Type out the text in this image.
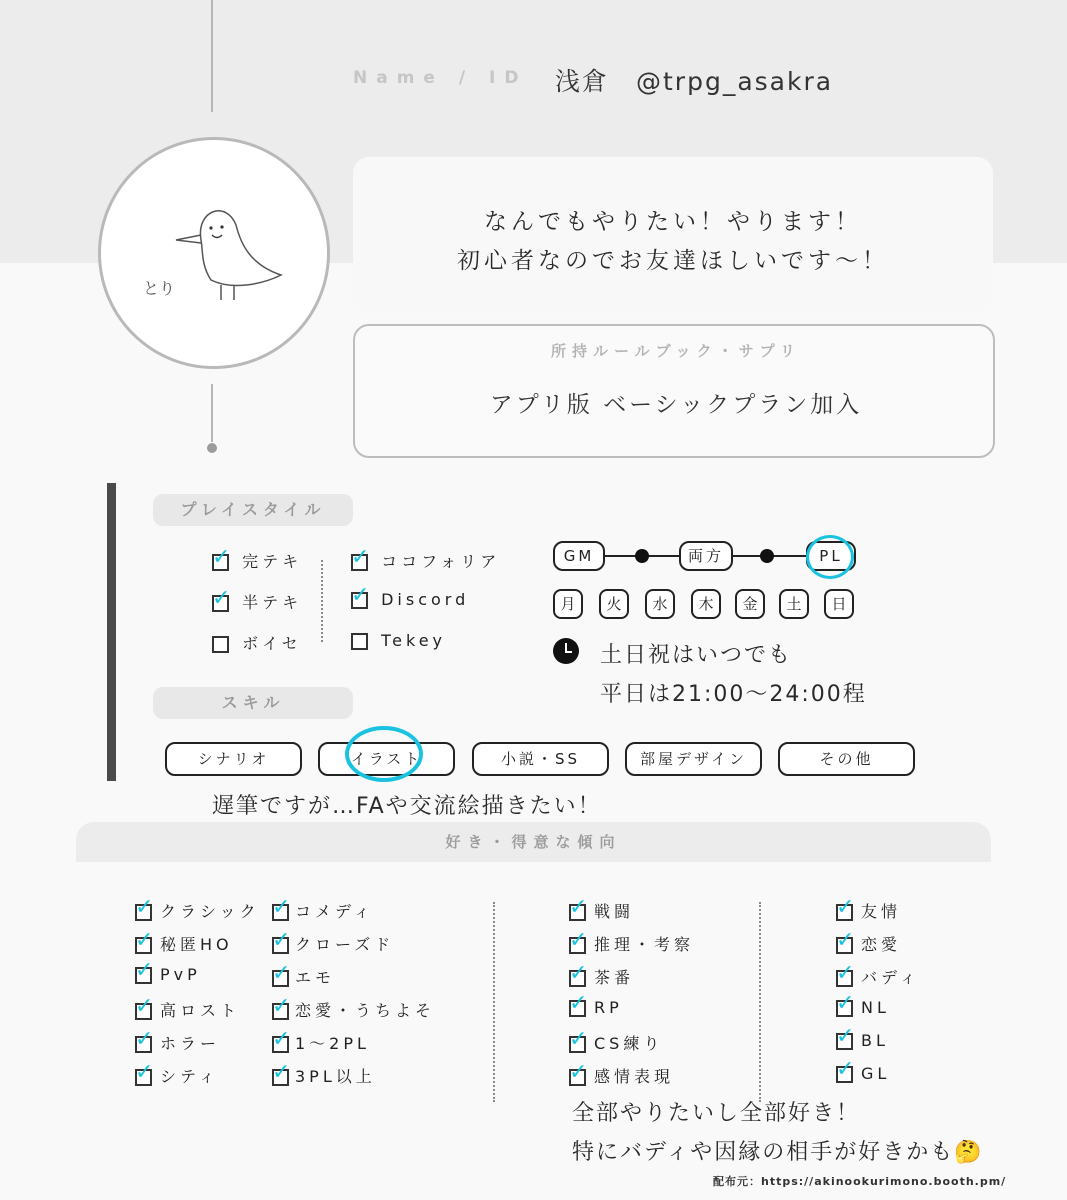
Name / ID 浅倉　@trpg_asakra
とり
なんでもやりたい！やります！
初心者なのでお友達ほしいです～！
所持ルールブック・サプリ
アプリ版 ベーシックプラン加入
プレイスタイル
✓ 完テキ
✓ 半テキ
ボイセ
✓ ココフォリア
✓ Discord
Tekey
GM	両方	PL
月	火	水	木	金	土	日
土日祝はいつでも
平日は21:00～24:00程
スキル
シナリオ	イラスト	小説・SS	部屋デザイン	その他
遅筆ですが…FAや交流絵描きたい！
好き・得意な傾向
✓ クラシック
✓ 秘匿HO
✓ PvP
✓ 高ロスト
✓ ホラー
✓ シティ
✓ コメディ
✓ クローズド
✓ エモ
✓ 恋愛・うちよそ
✓ 1～2PL
✓ 3PL以上
✓ 戦闘
✓ 推理・考察
✓ 茶番
✓ RP
✓ CS練り
✓ 感情表現
✓ 友情
✓ 恋愛
✓ バディ
✓ NL
✓ BL
✓ GL
全部やりたいし全部好き！
特にバディや因縁の相手が好きかも🤔
配布元：https://akinookurimono.booth.pm/
